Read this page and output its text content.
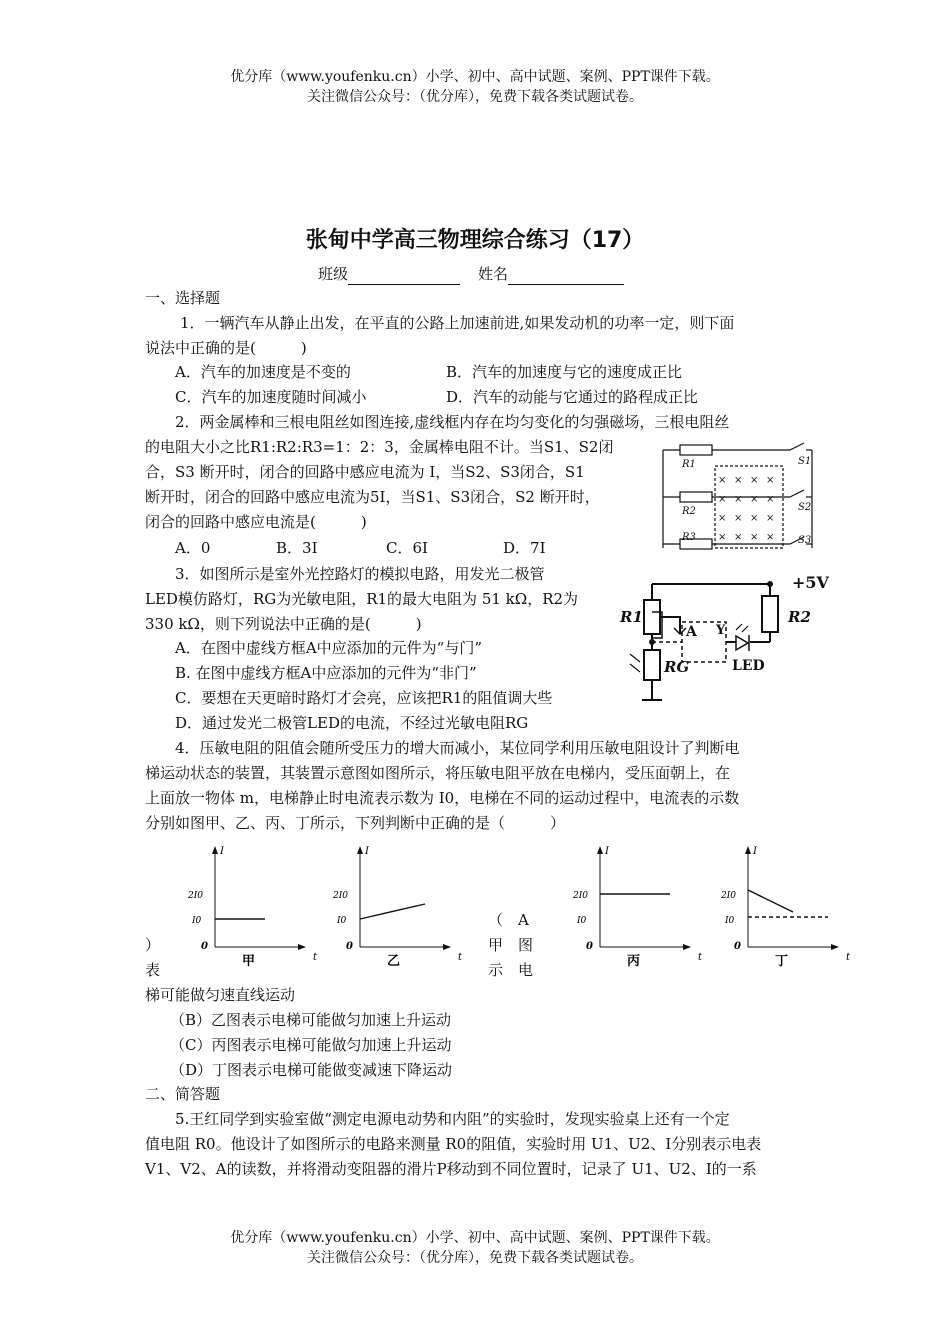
优分库（www.youfenku.cn）小学、初中、高中试题、案例、PPT课件下载。
关注微信公众号：（优分库），免费下载各类试题试卷。
张甸中学高三物理综合练习（17）
班级	姓名
一、选择题
1．一辆汽车从静止出发，在平直的公路上加速前进,如果发动机的功率一定，则下面
说法中正确的是(　　　)
A．汽车的加速度是不变的	B．汽车的加速度与它的速度成正比
C．汽车的加速度随时间减小	D．汽车的动能与它通过的路程成正比
2．两金属棒和三根电阻丝如图连接,虚线框内存在均匀变化的匀强磁场，三根电阻丝
的电阻大小之比R1:R2:R3=1：2：3，金属棒电阻不计。当S1、S2闭
合，S3 断开时，闭合的回路中感应电流为 I，当S2、S3闭合，S1
断开时，闭合的回路中感应电流为5I，当S1、S3闭合，S2 断开时，
闭合的回路中感应电流是(　　　)
A．0	B．3I	C．6I	D．7I
R1
R2
R3
S1
S2
S3
× × × ×
× × × ×
× × × ×
× × × ×
3．如图所示是室外光控路灯的模拟电路，用发光二极管
LED模仿路灯，RG为光敏电阻，R1的最大电阻为 51 kΩ，R2为
330 kΩ，则下列说法中正确的是(　　　)
A．在图中虚线方框A中应添加的元件为“与门”
B. 在图中虚线方框A中应添加的元件为“非门”
C．要想在天更暗时路灯才会亮，应该把R1的阻值调大些
D．通过发光二极管LED的电流，不经过光敏电阻RG
+5V
R1	R2
RG
A Y
LED
4．压敏电阻的阻值会随所受压力的增大而减小，某位同学利用压敏电阻设计了判断电
梯运动状态的装置，其装置示意图如图所示，将压敏电阻平放在电梯内，受压面朝上，在
上面放一物体 m，电梯静止时电流表示数为 I0，电梯在不同的运动过程中，电流表的示数
分别如图甲、乙、丙、丁所示，下列判断中正确的是（　　　）
I
t
0
2I0
I0
甲
I
t
0
2I0
I0
乙
I
t
0
2I0
I0
丙
I
t
0
2I0
I0
丁
（　A
）	甲　图
表	示　电
梯可能做匀速直线运动
（B）乙图表示电梯可能做匀加速上升运动
（C）丙图表示电梯可能做匀加速上升运动
（D）丁图表示电梯可能做变减速下降运动
二、简答题
5.王红同学到实验室做“测定电源电动势和内阻”的实验时，发现实验桌上还有一个定
值电阻 R0。他设计了如图所示的电路来测量 R0的阻值，实验时用 U1、U2、I分别表示电表
V1、V2、A的读数，并将滑动变阻器的滑片P移动到不同位置时，记录了 U1、U2、I的一系
优分库（www.youfenku.cn）小学、初中、高中试题、案例、PPT课件下载。
关注微信公众号：（优分库），免费下载各类试题试卷。
